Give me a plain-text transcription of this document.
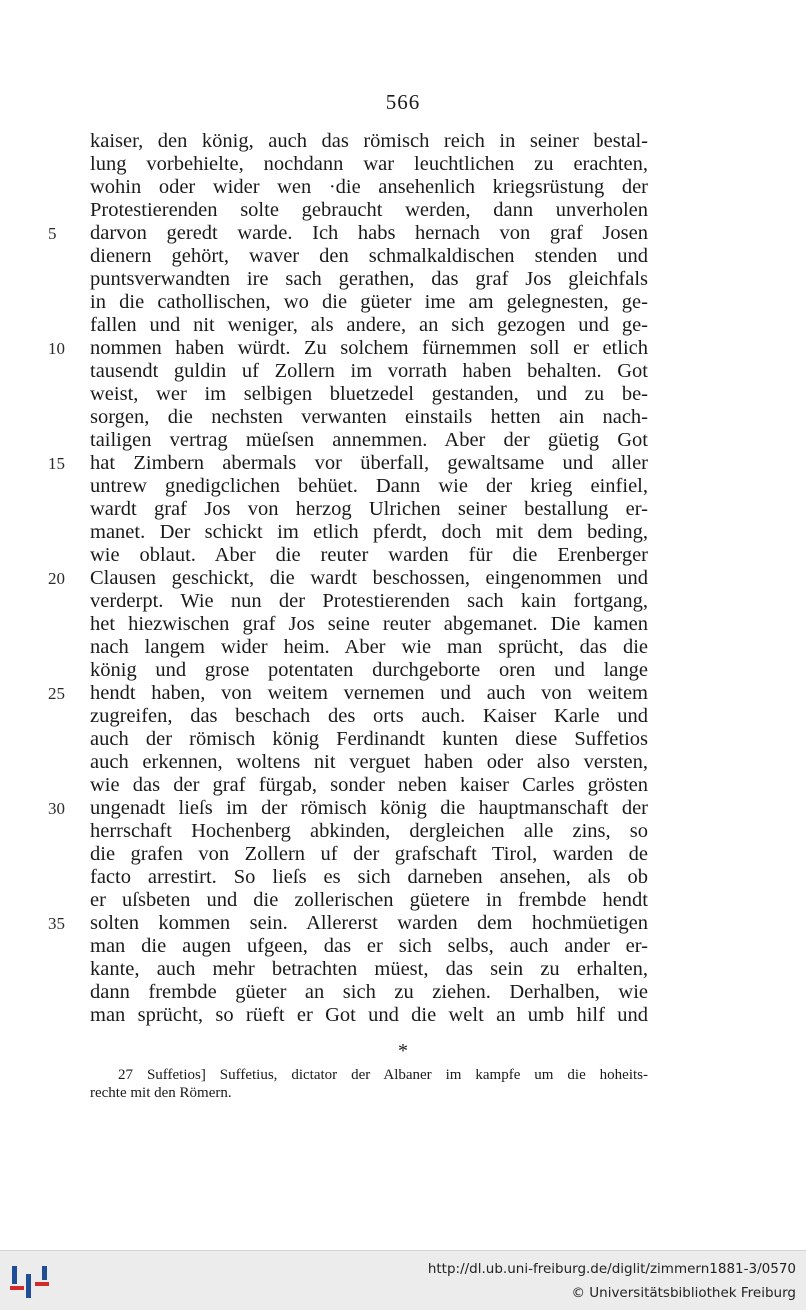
566
kaiser, den könig, auch das römisch reich in seiner bestal-
lung vorbehielte, nochdann war leuchtlichen zu erachten,
wohin oder wider wen ·die ansehenlich kriegsrüstung der
Protestierenden solte gebraucht werden, dann unverholen
darvon geredt warde. Ich habs hernach von graf Josen
dienern gehört, waver den schmalkaldischen stenden und
puntsverwandten ire sach gerathen, das graf Jos gleichfals
in die cathollischen, wo die güeter ime am gelegnesten, ge-
fallen und nit weniger, als andere, an sich gezogen und ge-
nommen haben würdt. Zu solchem fürnemmen soll er etlich
tausendt guldin uf Zollern im vorrath haben behalten. Got
weist, wer im selbigen bluetzedel gestanden, und zu be-
sorgen, die nechsten verwanten einstails hetten ain nach-
tailigen vertrag müeſsen annemmen. Aber der güetig Got
hat Zimbern abermals vor überfall, gewaltsame und aller
untrew gnedigclichen behüet. Dann wie der krieg einfiel,
wardt graf Jos von herzog Ulrichen seiner bestallung er-
manet. Der schickt im etlich pferdt, doch mit dem beding,
wie oblaut. Aber die reuter warden für die Erenberger
Clausen geschickt, die wardt beschossen, eingenommen und
verderpt. Wie nun der Protestierenden sach kain fortgang,
het hiezwischen graf Jos seine reuter abgemanet. Die kamen
nach langem wider heim. Aber wie man sprücht, das die
könig und grose potentaten durchgeborte oren und lange
hendt haben, von weitem vernemen und auch von weitem
zugreifen, das beschach des orts auch. Kaiser Karle und
auch der römisch könig Ferdinandt kunten diese Suffetios
auch erkennen, woltens nit verguet haben oder also versten,
wie das der graf fürgab, sonder neben kaiser Carles grösten
ungenadt lieſs im der römisch könig die hauptmanschaft der
herrschaft Hochenberg abkinden, dergleichen alle zins, so
die grafen von Zollern uf der grafschaft Tirol, warden de
facto arrestirt. So lieſs es sich darneben ansehen, als ob
er uſsbeten und die zollerischen güetere in frembde hendt
solten kommen sein. Allererst warden dem hochmüetigen
man die augen ufgeen, das er sich selbs, auch ander er-
kante, auch mehr betrachten müest, das sein zu erhalten,
dann frembde güeter an sich zu ziehen. Derhalben, wie
man sprücht, so rüeft er Got und die welt an umb hilf und
5
10
15
20
25
30
35
*
27 Suffetios] Suffetius, dictator der Albaner im kampfe um die hoheits-
rechte mit den Römern.
http://dl.ub.uni-freiburg.de/diglit/zimmern1881-3/0570
© Universitätsbibliothek Freiburg
